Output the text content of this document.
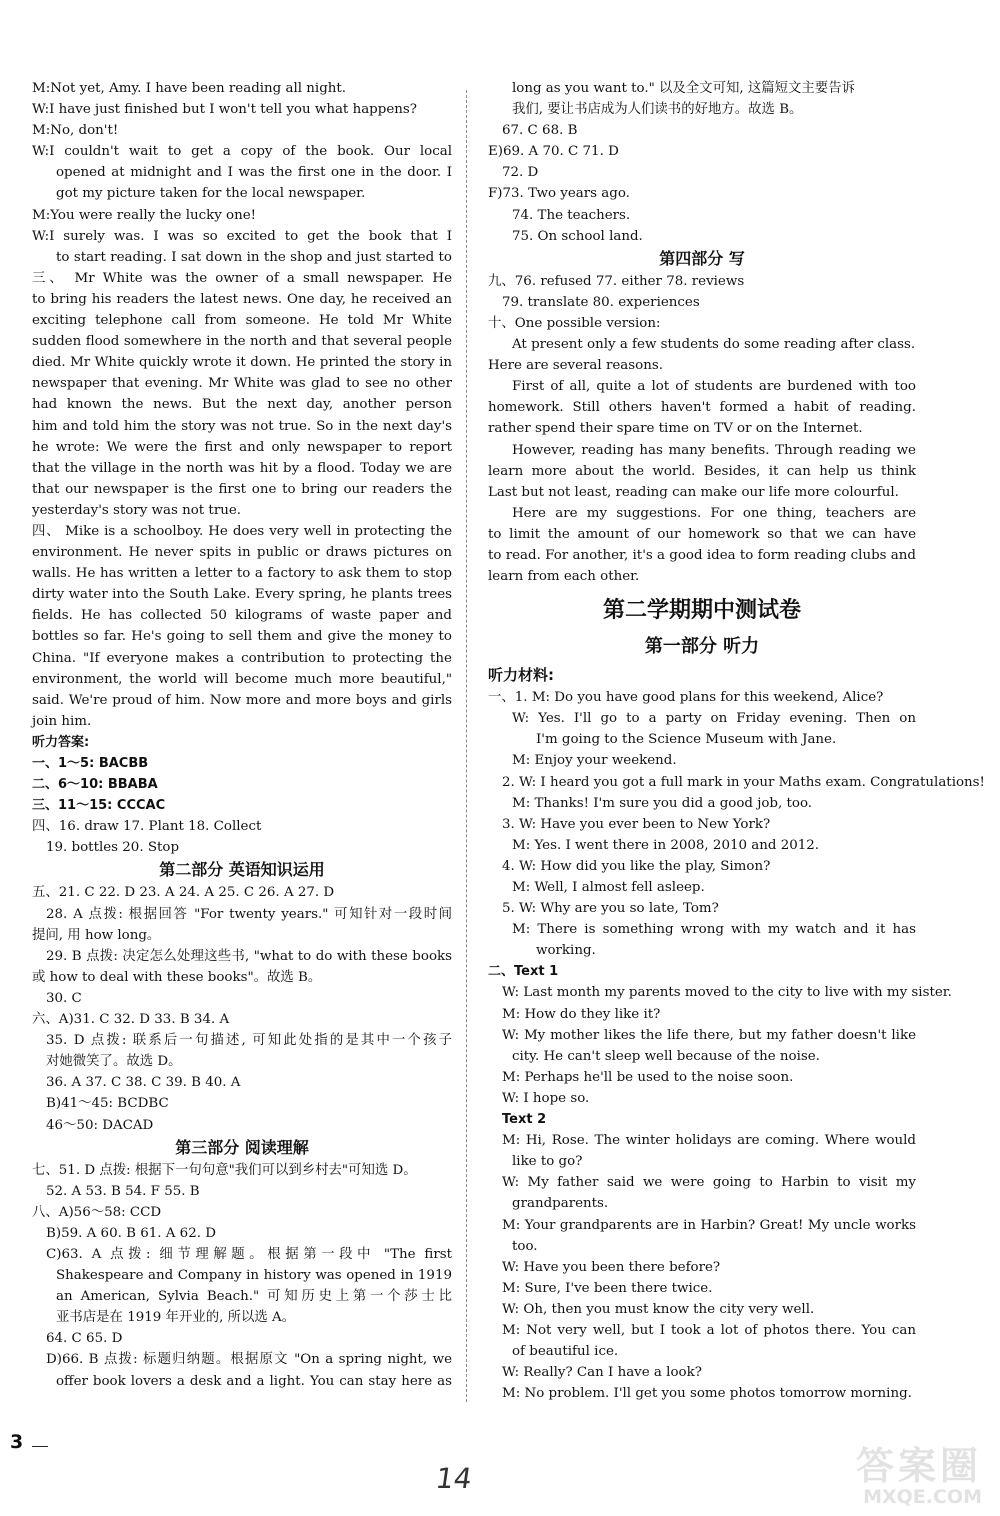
M:Not yet, Amy. I have been reading all night.
W:I have just finished but I won't tell you what happens?
M:No, don't!
W:I couldn't wait to get a copy of the book. Our local
opened at midnight and I was the first one in the door. I
got my picture taken for the local newspaper.
M:You were really the lucky one!
W:I surely was. I was so excited to get the book that I
to start reading. I sat down in the shop and just started to
三、 Mr White was the owner of a small newspaper. He
to bring his readers the latest news. One day, he received an
exciting telephone call from someone. He told Mr White
sudden flood somewhere in the north and that several people
died. Mr White quickly wrote it down. He printed the story in
newspaper that evening. Mr White was glad to see no other
had known the news. But the next day, another person
him and told him the story was not true. So in the next day's
he wrote: We were the first and only newspaper to report
that the village in the north was hit by a flood. Today we are
that our newspaper is the first one to bring our readers the
yesterday's story was not true.
四、 Mike is a schoolboy. He does very well in protecting the
environment. He never spits in public or draws pictures on
walls. He has written a letter to a factory to ask them to stop
dirty water into the South Lake. Every spring, he plants trees
fields. He has collected 50 kilograms of waste paper and
bottles so far. He's going to sell them and give the money to
China. "If everyone makes a contribution to protecting the
environment, the world will become much more beautiful,"
said. We're proud of him. Now more and more boys and girls
join him.
听力答案:
一、1～5: BACBB
二、6～10: BBABA
三、11～15: CCCAC
四、16. draw 17. Plant 18. Collect
19. bottles 20. Stop
第二部分 英语知识运用
五、21. C 22. D 23. A 24. A 25. C 26. A 27. D
28. A 点拨: 根据回答 "For twenty years." 可知针对一段时间
提问, 用 how long。
29. B 点拨: 决定怎么处理这些书, "what to do with these books
或 how to deal with these books"。故选 B。
30. C
六、A)31. C 32. D 33. B 34. A
35. D 点拨: 联系后一句描述, 可知此处指的是其中一个孩子
对她微笑了。故选 D。
36. A 37. C 38. C 39. B 40. A
B)41～45: BCDBC
46～50: DACAD
第三部分 阅读理解
七、51. D 点拨: 根据下一句句意"我们可以到乡村去"可知选 D。
52. A 53. B 54. F 55. B
八、A)56～58: CCD
B)59. A 60. B 61. A 62. D
C)63. A 点拨: 细节理解题。根据第一段中 "The first
Shakespeare and Company in history was opened in 1919
an American, Sylvia Beach." 可知历史上第一个莎士比
亚书店是在 1919 年开业的, 所以选 A。
64. C 65. D
D)66. B 点拨: 标题归纳题。根据原文 "On a spring night, we
offer book lovers a desk and a light. You can stay here as
long as you want to." 以及全文可知, 这篇短文主要告诉
我们, 要让书店成为人们读书的好地方。故选 B。
67. C 68. B
E)69. A 70. C 71. D
72. D
F)73. Two years ago.
74. The teachers.
75. On school land.
第四部分 写
九、76. refused 77. either 78. reviews
79. translate 80. experiences
十、One possible version:
At present only a few students do some reading after class.
Here are several reasons.
First of all, quite a lot of students are burdened with too
homework. Still others haven't formed a habit of reading.
rather spend their spare time on TV or on the Internet.
However, reading has many benefits. Through reading we
learn more about the world. Besides, it can help us think
Last but not least, reading can make our life more colourful.
Here are my suggestions. For one thing, teachers are
to limit the amount of our homework so that we can have
to read. For another, it's a good idea to form reading clubs and
learn from each other.
第二学期期中测试卷
第一部分 听力
听力材料:
一、1. M: Do you have good plans for this weekend, Alice?
W: Yes. I'll go to a party on Friday evening. Then on
I'm going to the Science Museum with Jane.
M: Enjoy your weekend.
2. W: I heard you got a full mark in your Maths exam. Congratulations!
M: Thanks! I'm sure you did a good job, too.
3. W: Have you ever been to New York?
M: Yes. I went there in 2008, 2010 and 2012.
4. W: How did you like the play, Simon?
M: Well, I almost fell asleep.
5. W: Why are you so late, Tom?
M: There is something wrong with my watch and it has
working.
二、Text 1
W: Last month my parents moved to the city to live with my sister.
M: How do they like it?
W: My mother likes the life there, but my father doesn't like
city. He can't sleep well because of the noise.
M: Perhaps he'll be used to the noise soon.
W: I hope so.
Text 2
M: Hi, Rose. The winter holidays are coming. Where would
like to go?
W: My father said we were going to Harbin to visit my
grandparents.
M: Your grandparents are in Harbin? Great! My uncle works
too.
W: Have you been there before?
M: Sure, I've been there twice.
W: Oh, then you must know the city very well.
M: Not very well, but I took a lot of photos there. You can
of beautiful ice.
W: Really? Can I have a look?
M: No problem. I'll get you some photos tomorrow morning.
3
14	答案圈
MXQE.COM
